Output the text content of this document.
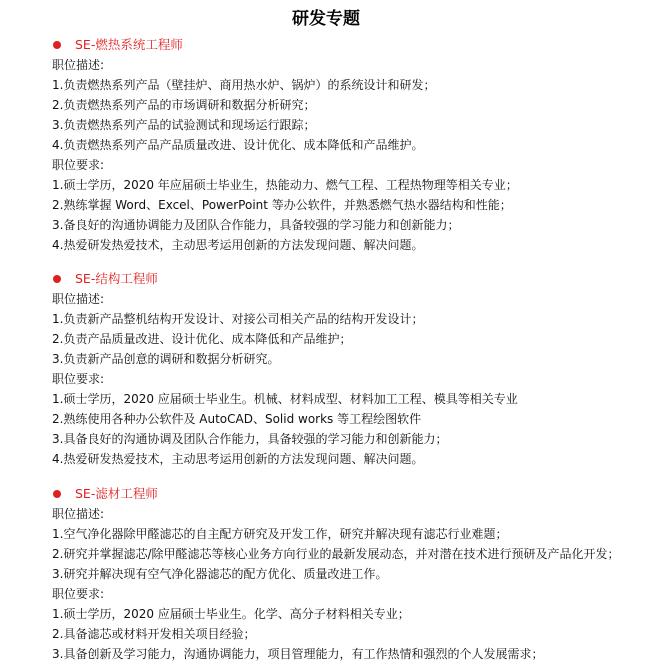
研发专题
SE-燃热系统工程师
职位描述:
1.负责燃热系列产品（壁挂炉、商用热水炉、锅炉）的系统设计和研发；
2.负责燃热系列产品的市场调研和数据分析研究；
3.负责燃热系列产品的试验测试和现场运行跟踪；
4.负责燃热系列产品产品质量改进、设计优化、成本降低和产品维护。
职位要求:
1.硕士学历，2020 年应届硕士毕业生，热能动力、燃气工程、工程热物理等相关专业；
2.熟练掌握 Word、Excel、PowerPoint 等办公软件，并熟悉燃气热水器结构和性能；
3.备良好的沟通协调能力及团队合作能力，具备较强的学习能力和创新能力；
4.热爱研发热爱技术，主动思考运用创新的方法发现问题、解决问题。
SE-结构工程师
职位描述:
1.负责新产品整机结构开发设计、对接公司相关产品的结构开发设计；
2.负责产品质量改进、设计优化、成本降低和产品维护；
3.负责新产品创意的调研和数据分析研究。
职位要求:
1.硕士学历，2020 应届硕士毕业生。机械、材料成型、材料加工工程、模具等相关专业
2.熟练使用各种办公软件及 AutoCAD、Solid works 等工程绘图软件
3.具备良好的沟通协调及团队合作能力，具备较强的学习能力和创新能力；
4.热爱研发热爱技术，主动思考运用创新的方法发现问题、解决问题。
SE-滤材工程师
职位描述:
1.空气净化器除甲醛滤芯的自主配方研究及开发工作，研究并解决现有滤芯行业难题；
2.研究并掌握滤芯/除甲醛滤芯等核心业务方向行业的最新发展动态，并对潜在技术进行预研及产品化开发；
3.研究并解决现有空气净化器滤芯的配方优化、质量改进工作。
职位要求:
1.硕士学历，2020 应届硕士毕业生。化学、高分子材料相关专业；
2.具备滤芯或材料开发相关项目经验；
3.具备创新及学习能力，沟通协调能力，项目管理能力，有工作热情和强烈的个人发展需求；
